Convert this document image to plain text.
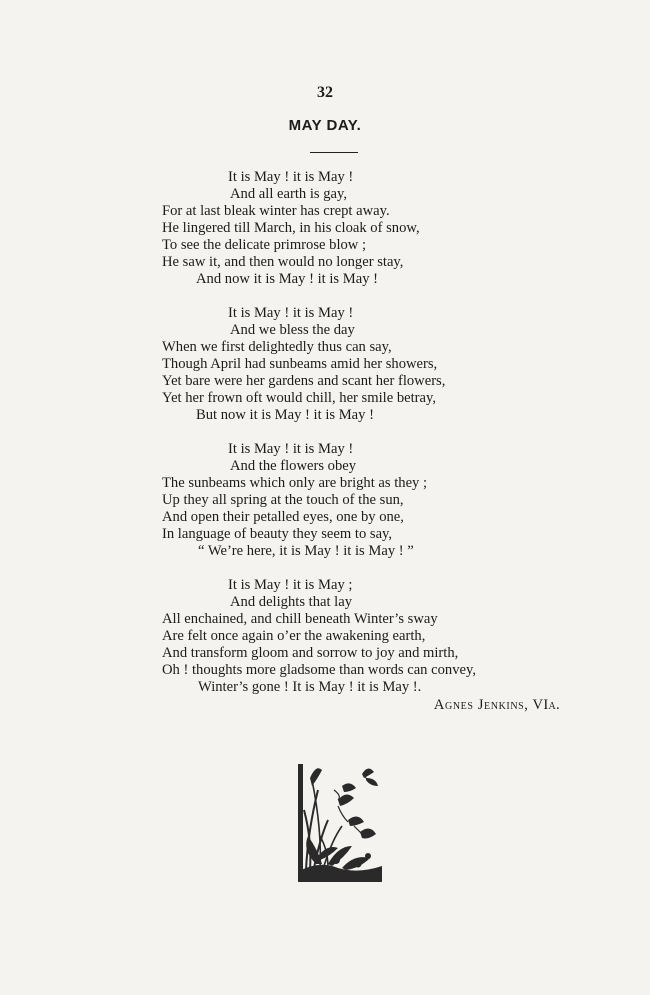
32
MAY DAY.
It is May ! it is May !
And all earth is gay,
For at last bleak winter has crept away.
He lingered till March, in his cloak of snow,
To see the delicate primrose blow ;
He saw it, and then would no longer stay,
And now it is May ! it is May !
It is May ! it is May !
And we bless the day
When we first delightedly thus can say,
Though April had sunbeams amid her showers,
Yet bare were her gardens and scant her flowers,
Yet her frown oft would chill, her smile betray,
But now it is May ! it is May !
It is May ! it is May !
And the flowers obey
The sunbeams which only are bright as they ;
Up they all spring at the touch of the sun,
And open their petalled eyes, one by one,
In language of beauty they seem to say,
“ We’re here, it is May ! it is May ! ”
It is May ! it is May ;
And delights that lay
All enchained, and chill beneath Winter’s sway
Are felt once again o’er the awakening earth,
And transform gloom and sorrow to joy and mirth,
Oh ! thoughts more gladsome than words can convey,
Winter’s gone ! It is May ! it is May !.
Agnes Jenkins, VIa.
